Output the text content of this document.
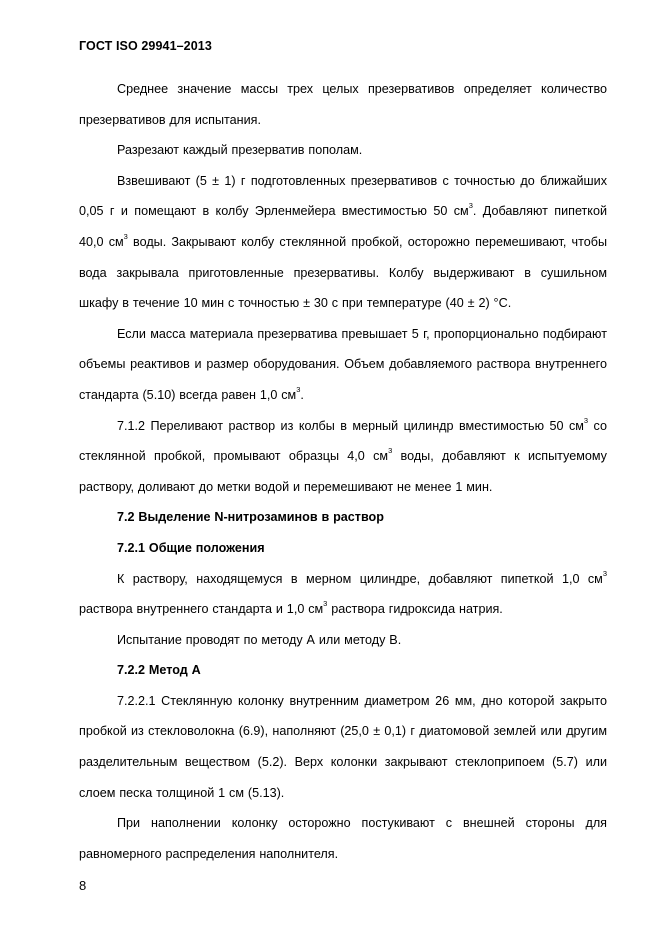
ГОСТ ISO 29941–2013

Среднее значение массы трех целых презервативов определяет количество презервативов для испытания.

Разрезают каждый презерватив пополам.

Взвешивают (5 ± 1) г подготовленных презервативов с точностью до ближайших 0,05 г и помещают в колбу Эрленмейера вместимостью 50 $см^3$. Добавляют пипеткой 40,0 $см^3$ воды. Закрывают колбу стеклянной пробкой, осторожно перемешивают, чтобы вода закрывала приготовленные презервативы. Колбу выдерживают в сушильном шкафу в течение 10 мин с точностью ± 30 с при температуре (40 ± 2) °С.

Если масса материала презерватива превышает 5 г, пропорционально подбирают объемы реактивов и размер оборудования. Объем добавляемого раствора внутреннего стандарта (5.10) всегда равен 1,0 $см^3$.

7.1.2 Переливают раствор из колбы в мерный цилиндр вместимостью 50 $см^3$ со стеклянной пробкой, промывают образцы 4,0 $см^3$ воды, добавляют к испытуемому раствору, доливают до метки водой и перемешивают не менее 1 мин.

7.2 Выделение N-нитрозаминов в раствор

7.2.1 Общие положения

К раствору, находящемуся в мерном цилиндре, добавляют пипеткой 1,0 $см^3$ раствора внутреннего стандарта и 1,0 $см^3$ раствора гидроксида натрия.

Испытание проводят по методу А или методу В.

7.2.2 Метод А

7.2.2.1 Стеклянную колонку внутренним диаметром 26 мм, дно которой закрыто пробкой из стекловолокна (6.9), наполняют (25,0 ± 0,1) г диатомовой землей или другим разделительным веществом (5.2). Верх колонки закрывают стеклоприпоем (5.7) или слоем песка толщиной 1 см (5.13).

При наполнении колонку осторожно постукивают с внешней стороны для равномерного распределения наполнителя.

8
